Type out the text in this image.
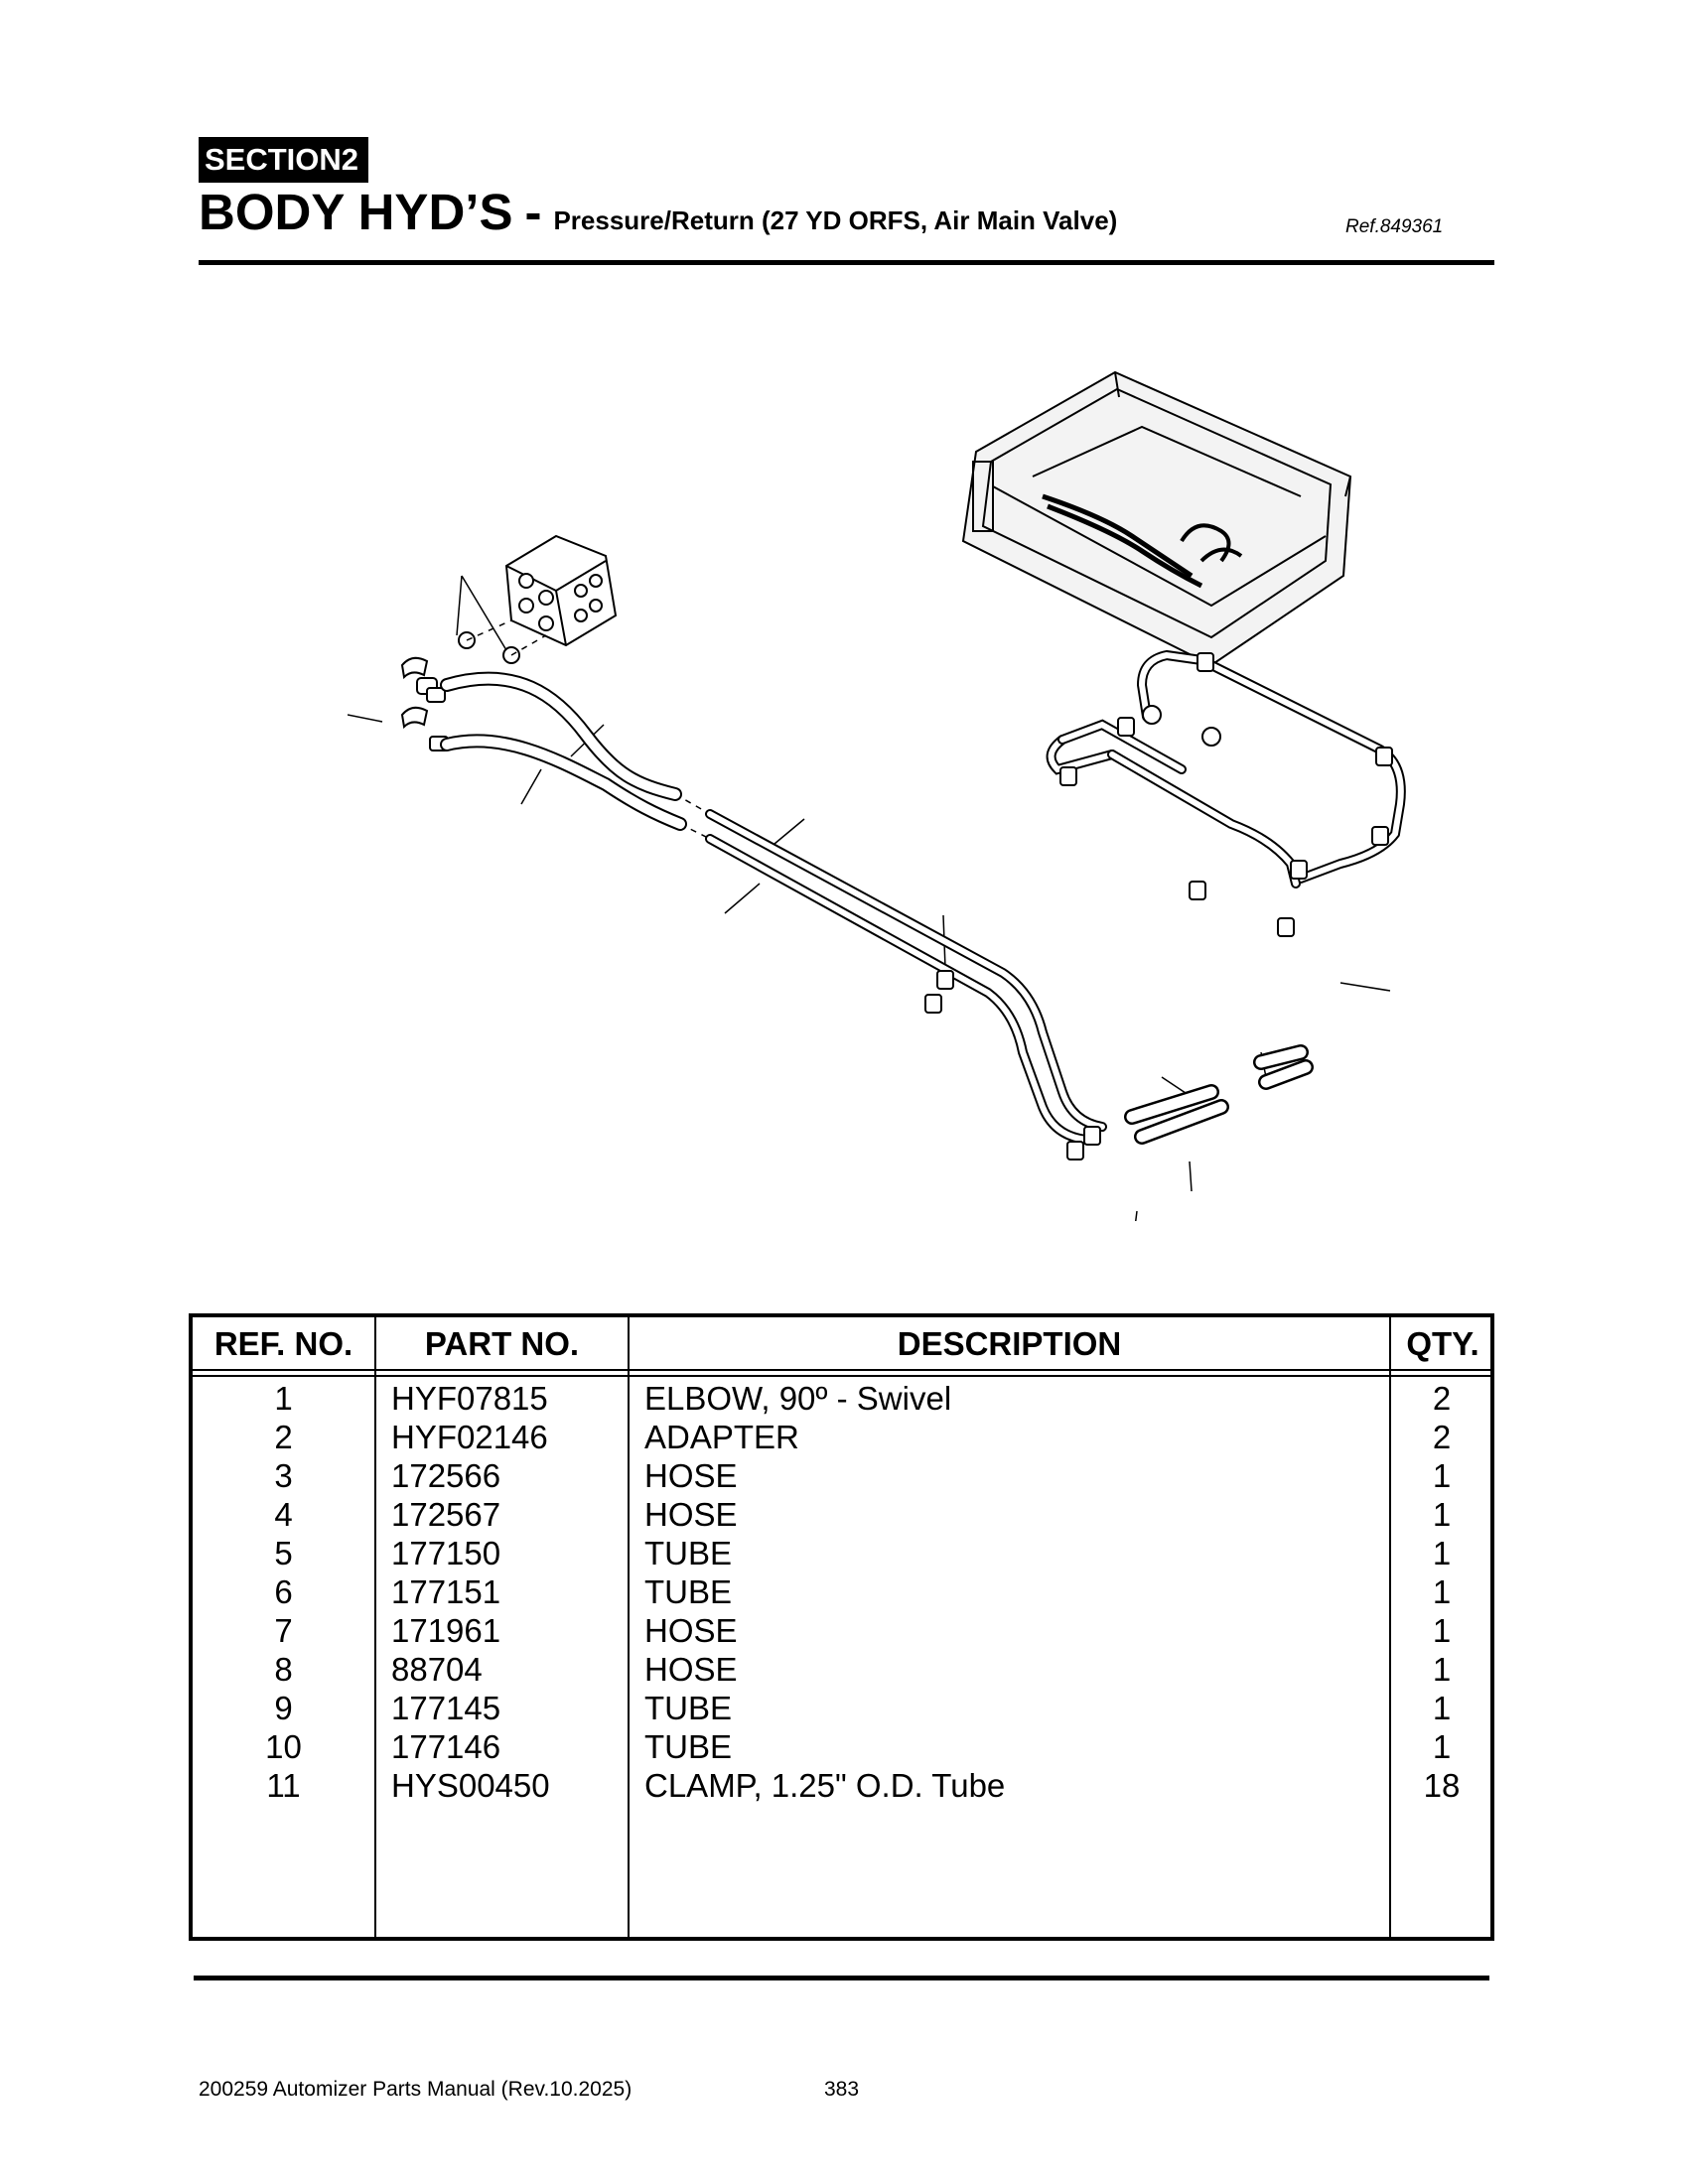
SECTION 2
BODY HYD’S - Pressure/Return (27 YD ORFS, Air Main Valve)	Ref.849361
REF. NO.	PART NO.	DESCRIPTION	QTY.
1	HYF07815	ELBOW, 90º - Swivel	2
2	HYF02146	ADAPTER	2
3	172566	HOSE	1
4	172567	HOSE	1
5	177150	TUBE	1
6	177151	TUBE	1
7	171961	HOSE	1
8	88704	HOSE	1
9	177145	TUBE	1
10	177146	TUBE	1
11	HYS00450	CLAMP, 1.25" O.D. Tube	18
200259 Automizer Parts Manual (Rev.10.2025)	383
